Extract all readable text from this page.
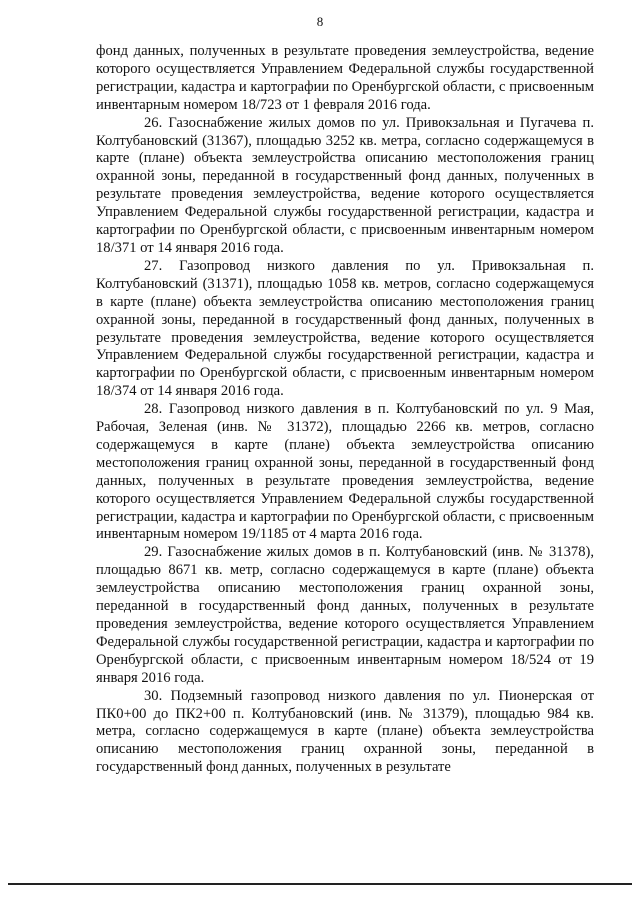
8

фонд данных, полученных в результате проведения землеустройства, ведение которого осуществляется Управлением Федеральной службы государственной регистрации, кадастра и картографии по Оренбургской области, с присвоенным инвентарным номером 18/723 от 1 февраля 2016 года.

26. Газоснабжение жилых домов по ул. Привокзальная и Пугачева п. Колтубановский (31367), площадью 3252 кв. метра, согласно содержащемуся в карте (плане) объекта землеустройства описанию местоположения границ охранной зоны, переданной в государственный фонд данных, полученных в результате проведения землеустройства, ведение которого осуществляется Управлением Федеральной службы государственной регистрации, кадастра и картографии по Оренбургской области, с присвоенным инвентарным номером 18/371 от 14 января 2016 года.

27. Газопровод низкого давления по ул. Привокзальная п. Колтубановский (31371), площадью 1058 кв. метров, согласно содержащемуся в карте (плане) объекта землеустройства описанию местоположения границ охранной зоны, переданной в государственный фонд данных, полученных в результате проведения землеустройства, ведение которого осуществляется Управлением Федеральной службы государственной регистрации, кадастра и картографии по Оренбургской области, с присвоенным инвентарным номером 18/374 от 14 января 2016 года.

28. Газопровод низкого давления в п. Колтубановский по ул. 9 Мая, Рабочая, Зеленая (инв. № 31372), площадью 2266 кв. метров, согласно содержащемуся в карте (плане) объекта землеустройства описанию местоположения границ охранной зоны, переданной в государственный фонд данных, полученных в результате проведения землеустройства, ведение которого осуществляется Управлением Федеральной службы государственной регистрации, кадастра и картографии по Оренбургской области, с присвоенным инвентарным номером 19/1185 от 4 марта 2016 года.

29. Газоснабжение жилых домов в п. Колтубановский (инв. № 31378), площадью 8671 кв. метр, согласно содержащемуся в карте (плане) объекта землеустройства описанию местоположения границ охранной зоны, переданной в государственный фонд данных, полученных в результате проведения землеустройства, ведение которого осуществляется Управлением Федеральной службы государственной регистрации, кадастра и картографии по Оренбургской области, с присвоенным инвентарным номером 18/524 от 19 января 2016 года.

30. Подземный газопровод низкого давления по ул. Пионерская от ПК0+00 до ПК2+00 п. Колтубановский (инв. № 31379), площадью 984 кв. метра, согласно содержащемуся в карте (плане) объекта землеустройства описанию местоположения границ охранной зоны, переданной в государственный фонд данных, полученных в результате
